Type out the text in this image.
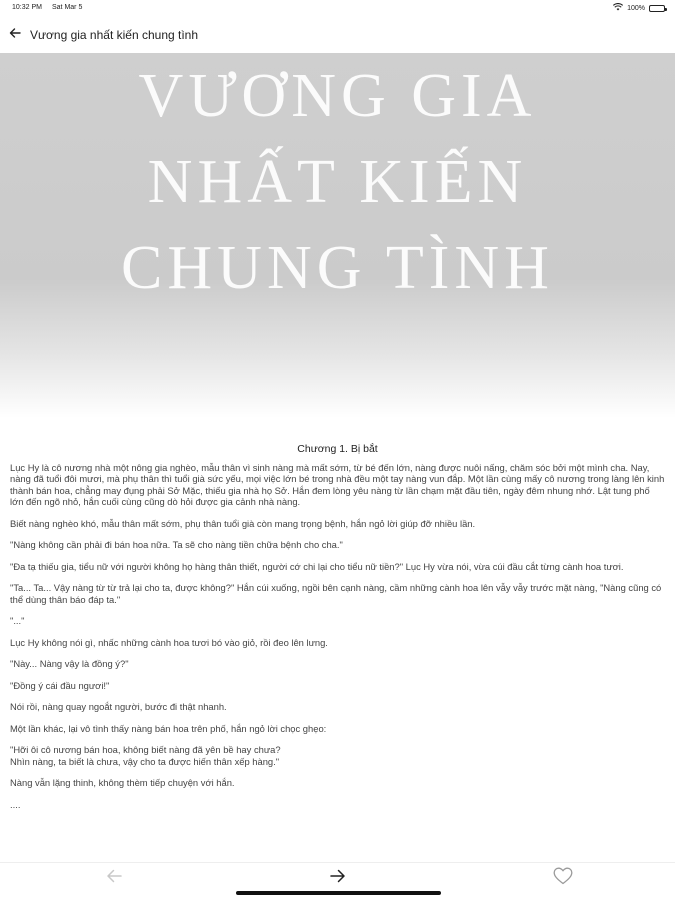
10:32 PM Sat Mar 5	100%
Vương gia nhất kiến chung tình
VƯƠNG GIA
NHẤT KIẾN
CHUNG TÌNH
Chương 1. Bị bắt
Lục Hy là cô nương nhà một nông gia nghèo, mẫu thân vì sinh nàng mà mất sớm, từ bé đến lớn, nàng được nuôi nấng, chăm sóc bởi một mình cha. Nay, nàng đã tuổi đôi mươi, mà phụ thân thì tuổi già sức yếu, mọi việc lớn bé trong nhà đều một tay nàng vun đắp. Một lần cùng mấy cô nương trong làng lên kinh thành bán hoa, chẳng may đụng phải Sở Mặc, thiếu gia nhà họ Sở. Hắn đem lòng yêu nàng từ lần chạm mặt đầu tiên, ngày đêm nhung nhớ. Lật tung phố lớn đến ngõ nhỏ, hắn cuối cùng cũng dò hỏi được gia cảnh nhà nàng.
Biết nàng nghèo khó, mẫu thân mất sớm, phụ thân tuổi già còn mang trọng bệnh, hắn ngỏ lời giúp đỡ nhiều lần.
"Nàng không cần phải đi bán hoa nữa. Ta sẽ cho nàng tiền chữa bệnh cho cha."
"Đa tạ thiếu gia, tiểu nữ với người không họ hàng thân thiết, người cớ chi lại cho tiểu nữ tiền?" Lục Hy vừa nói, vừa cúi đầu cắt từng cành hoa tươi.
"Ta... Ta... Vậy nàng từ từ trả lại cho ta, được không?" Hắn cúi xuống, ngồi bên cạnh nàng, cầm những cành hoa lên vẫy vẫy trước mặt nàng, "Nàng cũng có thể dùng thân báo đáp ta."
"..."
Lục Hy không nói gì, nhấc những cành hoa tươi bó vào giỏ, rồi đeo lên lưng.
"Này... Nàng vậy là đồng ý?"
"Đồng ý cái đầu ngươi!"
Nói rồi, nàng quay ngoắt người, bước đi thật nhanh.
Một lần khác, lại vô tình thấy nàng bán hoa trên phố, hắn ngỏ lời chọc ghẹo:
"Hỡi ôi cô nương bán hoa, không biết nàng đã yên bề hay chưa?
Nhìn nàng, ta biết là chưa, vậy cho ta được hiến thân xếp hàng."
Nàng vẫn lặng thinh, không thèm tiếp chuyện với hắn.
....
